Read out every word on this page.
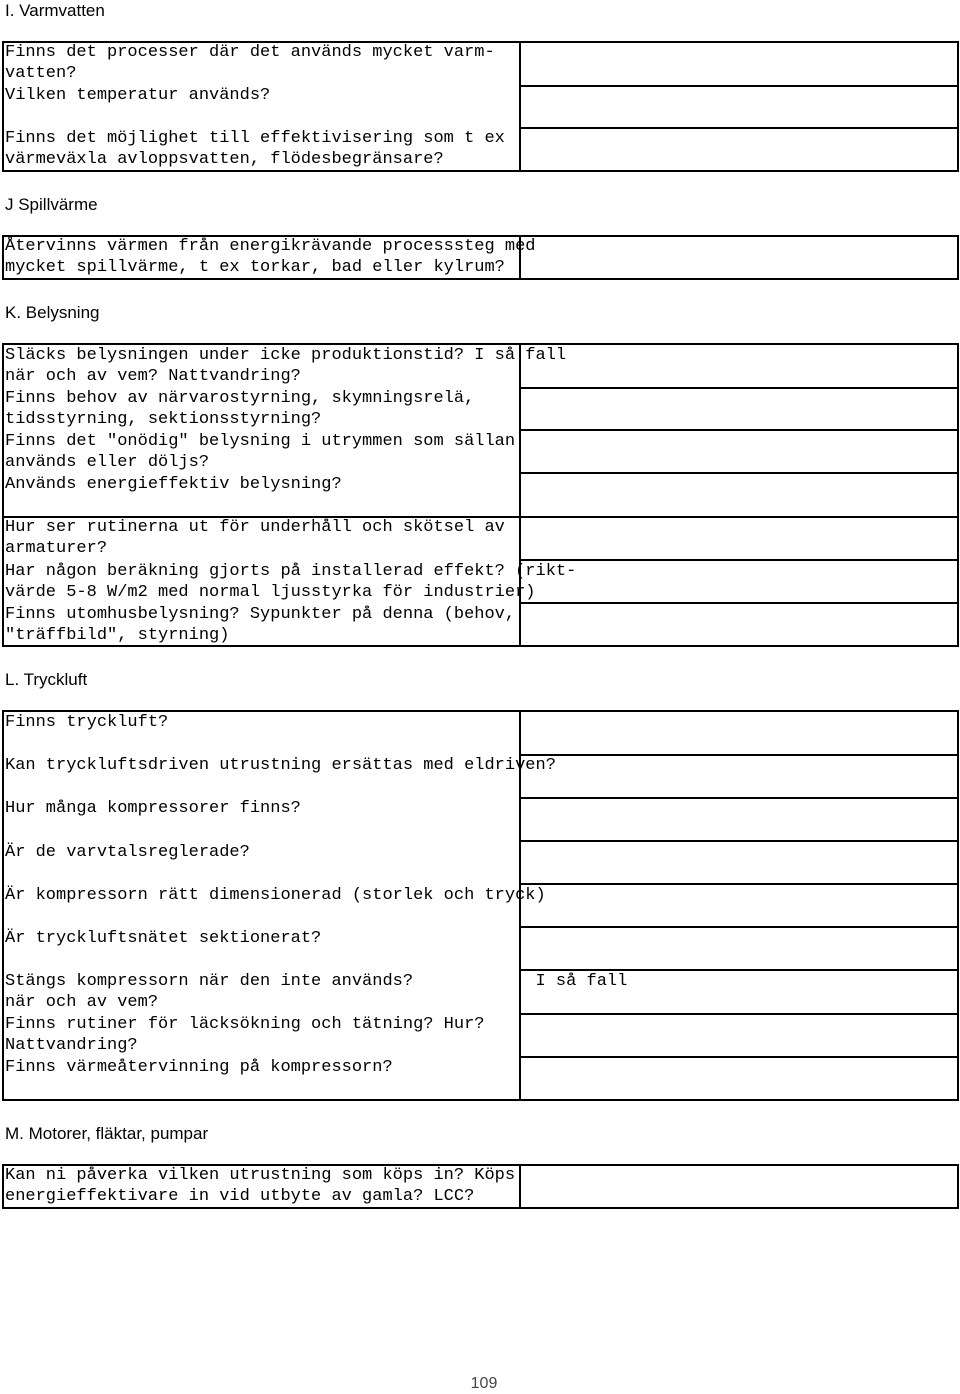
I. Varmvatten
Finns det processer där det används mycket varm-
vatten?
Vilken temperatur används?
Finns det möjlighet till effektivisering som t ex
värmeväxla avloppsvatten, flödesbegränsare?
J Spillvärme
Återvinns värmen från energikrävande processsteg med
mycket spillvärme, t ex torkar, bad eller kylrum?
K. Belysning
Släcks belysningen under icke produktionstid? I så fall
när och av vem? Nattvandring?
Finns behov av närvarostyrning, skymningsrelä,
tidsstyrning, sektionsstyrning?
Finns det "onödig" belysning i utrymmen som sällan
används eller döljs?
Används energieffektiv belysning?
Hur ser rutinerna ut för underhåll och skötsel av
armaturer?
Har någon beräkning gjorts på installerad effekt? (rikt-
värde 5-8 W/m2 med normal ljusstyrka för industrier)
Finns utomhusbelysning? Sypunkter på denna (behov,
"träffbild", styrning)
L. Tryckluft
Finns tryckluft?
Kan tryckluftsdriven utrustning ersättas med eldriven?
Hur många kompressorer finns?
Är de varvtalsreglerade?
Är kompressorn rätt dimensionerad (storlek och tryck)
Är tryckluftsnätet sektionerat?
Stängs kompressorn när den inte används?            I så fall
när och av vem?
Finns rutiner för läcksökning och tätning? Hur?
Nattvandring?
Finns värmeåtervinning på kompressorn?
M. Motorer, fläktar, pumpar
Kan ni påverka vilken utrustning som köps in? Köps
energieffektivare in vid utbyte av gamla? LCC?
109
